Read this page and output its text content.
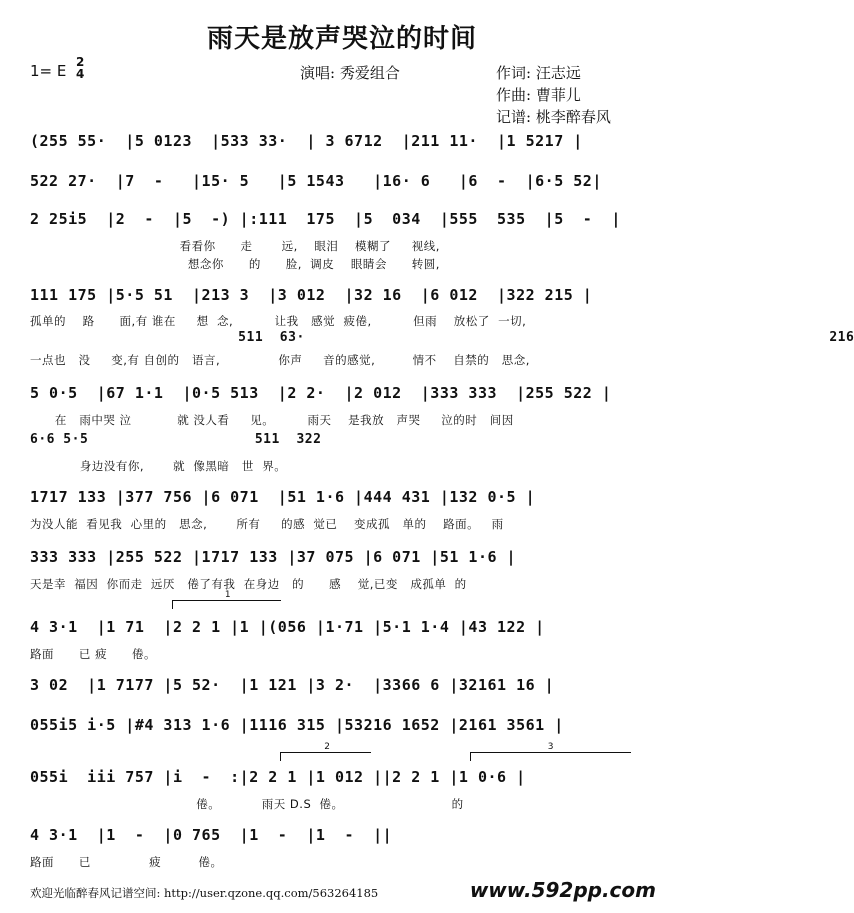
雨天是放声哭泣的时间
1= E 2
4	演唱: 秀爱组合	作词: 汪志远
作曲: 曹菲儿
记谱: 桃李醉春风
(255 55·  |5 0123  |533 33·  | 3 6712  |211 11·  |1 5217 |
522 27·  |7  -   |15· 5   |5 1543   |16· 6   |6  -  |6·5 52|
2 25i5  |2  -  |5  -) |:111  175  |5  034  |555  535  |5  -  |
看看你      走       远,    眼泪    模糊了     视线,
想念你      的      脸,  调皮    眼睛会      转圆,
111 175 |5·5 51  |213 3  |3 012  |32 16  |6 012  |322 215 |
孤单的    路      面,有 谁在     想  念,          让我   感觉  疲倦,          但雨    放松了  一切,
511  63·                                                               216
一点也   没     变,有 自创的   语言,              你声     音的感觉,         情不    自禁的   思念,
5 0·5  |67 1·1  |0·5 513  |2 2·  |2 012  |333 333  |255 522 |
在   雨中哭 泣           就 没人看     见。        雨天    是我放   声哭     泣的时   间因
6·6 5·5                    511  322
身边没有你,       就  像黑暗   世  界。
1717 133 |377 756 |6 071  |51 1·6 |444 431 |132 0·5 |
为没人能  看见我  心里的   思念,       所有     的感  觉已    变成孤   单的    路面。   雨
333 333 |255 522 |1717 133 |37 075 |6 071 |51 1·6 |
天是幸  福因  你而走  远厌   倦了有我  在身边   的      感    觉,已变   成孤单  的
1
4 3·1  |1 71  |2 2 1 |1 |(056 |1·71 |5·1 1·4 |43 122 |
路面      已 疲      倦。
3 02  |1 7177 |5 52·  |1 121 |3 2·  |3366 6 |32161 16 |
055i5 i·5 |#4 313 1·6 |1116 315 |53216 1652 |2161 3561 |
2	3
055i  iii 757 |i  -  :|2 2 1 |1 012 ||2 2 1 |1 0·6 |
倦。          雨天 D.S  倦。                          的
4 3·1  |1  -  |0 765  |1  -  |1  -  ||
路面      已              疲         倦。
欢迎光临醉春风记谱空间: http://user.qzone.qq.com/563264185	www.592pp.com
